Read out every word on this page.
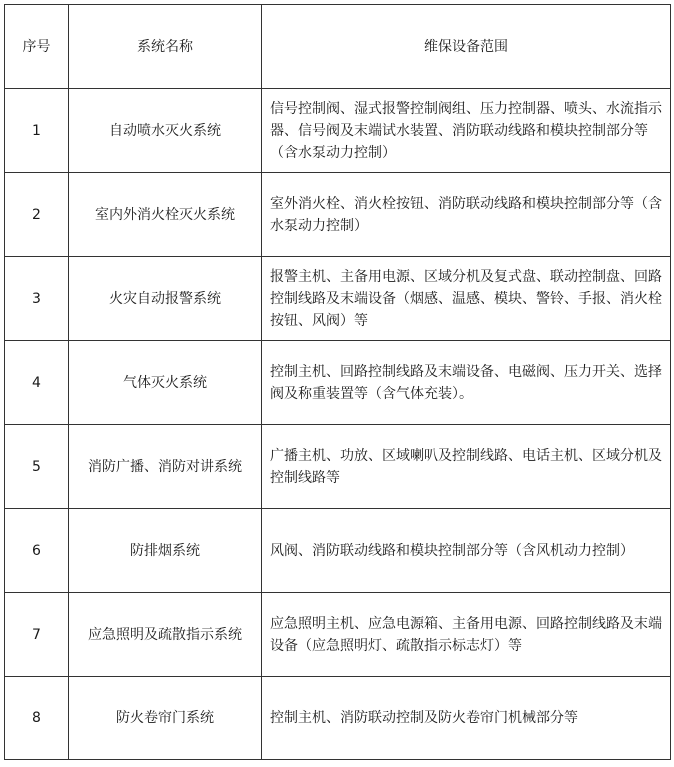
序号	系统名称	维保设备范围
1	自动喷水灭火系统	信号控制阀、湿式报警控制阀组、压力控制器、喷头、水流指示器、信号阀及末端试水装置、消防联动线路和模块控制部分等（含水泵动力控制）
2	室内外消火栓灭火系统	室外消火栓、消火栓按钮、消防联动线路和模块控制部分等（含水泵动力控制）
3	火灾自动报警系统	报警主机、主备用电源、区域分机及复式盘、联动控制盘、回路控制线路及末端设备（烟感、温感、模块、警铃、手报、消火栓按钮、风阀）等
4	气体灭火系统	控制主机、回路控制线路及末端设备、电磁阀、压力开关、选择阀及称重装置等（含气体充装）。
5	消防广播、消防对讲系统	广播主机、功放、区域喇叭及控制线路、电话主机、区域分机及控制线路等
6	防排烟系统	风阀、消防联动线路和模块控制部分等（含风机动力控制）
7	应急照明及疏散指示系统	应急照明主机、应急电源箱、主备用电源、回路控制线路及末端设备（应急照明灯、疏散指示标志灯）等
8	防火卷帘门系统	控制主机、消防联动控制及防火卷帘门机械部分等
